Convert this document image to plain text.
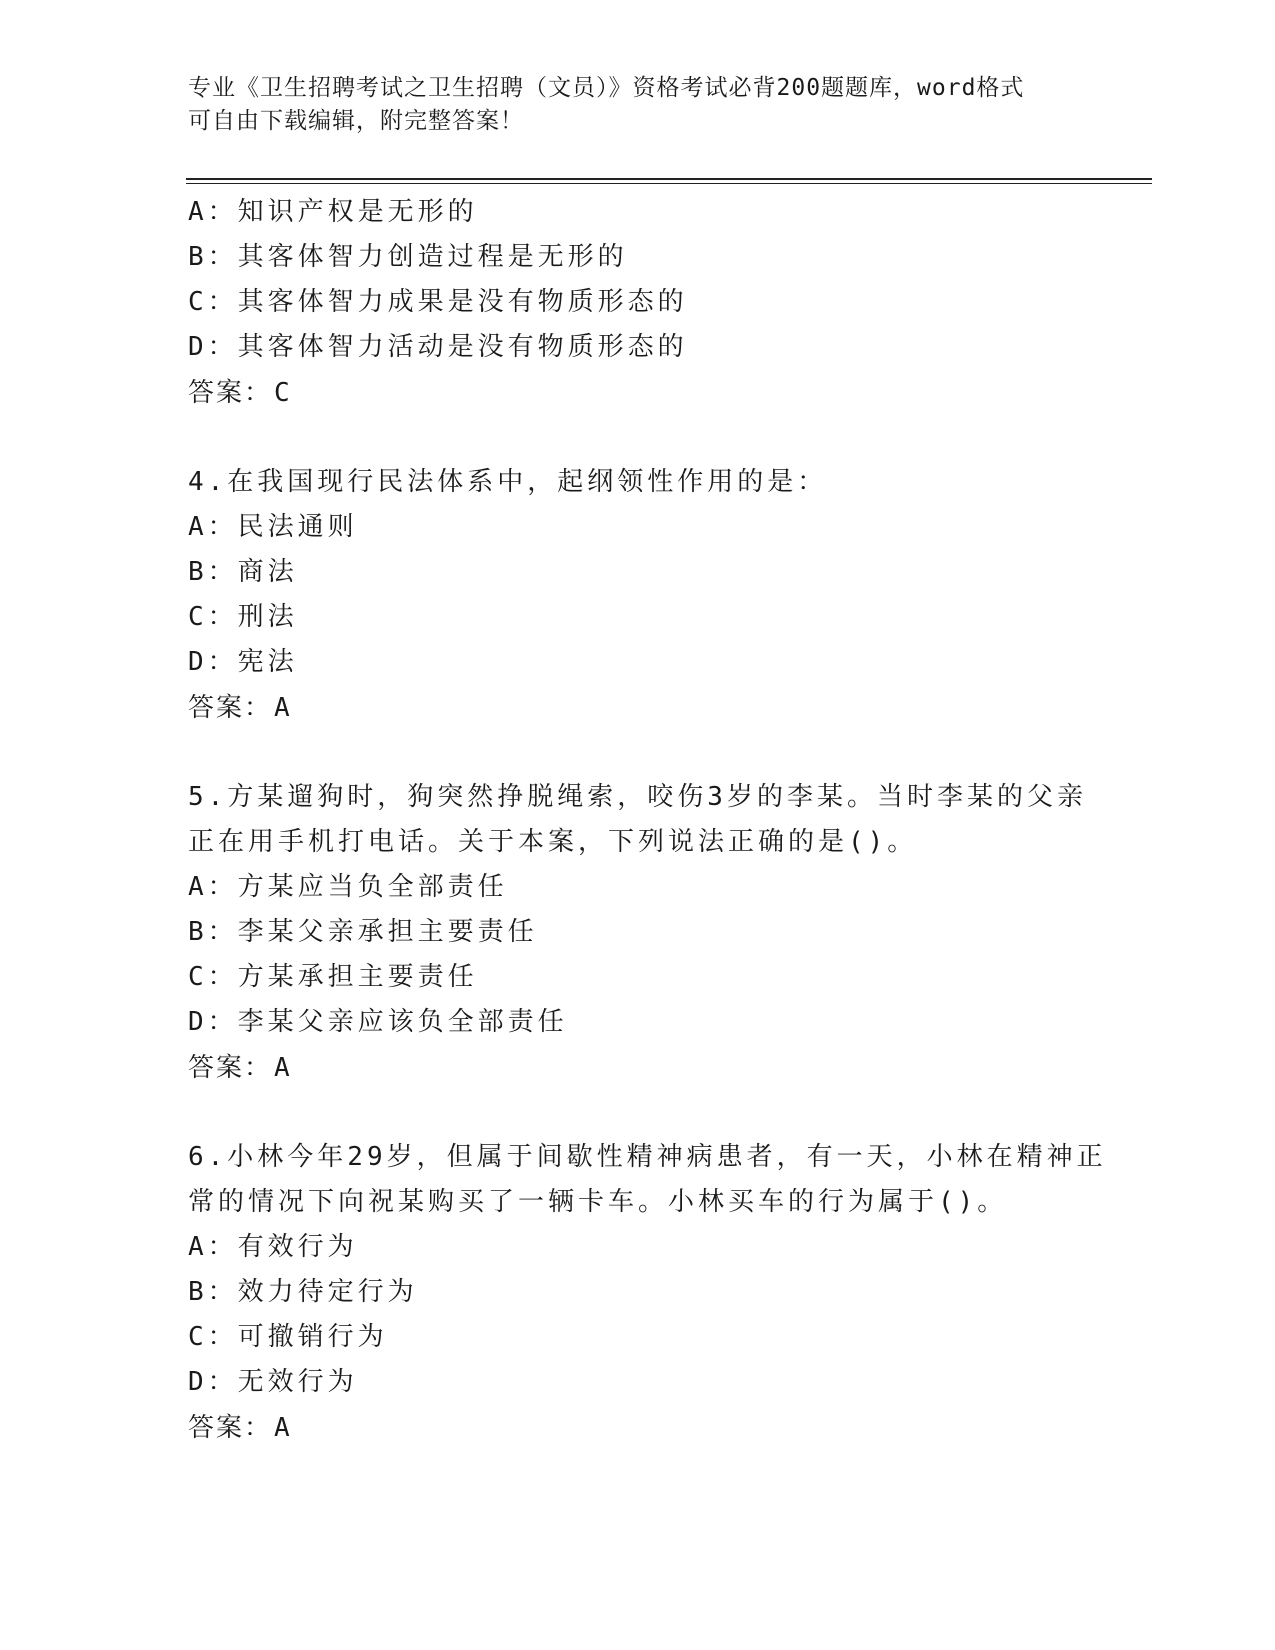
专业《卫生招聘考试之卫生招聘（文员）》资格考试必背200题题库，word格式
可自由下载编辑，附完整答案！
A：知识产权是无形的
B：其客体智力创造过程是无形的
C：其客体智力成果是没有物质形态的
D：其客体智力活动是没有物质形态的
答案：C
4.在我国现行民法体系中，起纲领性作用的是：
A：民法通则
B：商法
C：刑法
D：宪法
答案：A
5.方某遛狗时，狗突然挣脱绳索，咬伤3岁的李某。当时李某的父亲
正在用手机打电话。关于本案，下列说法正确的是()。
A：方某应当负全部责任
B：李某父亲承担主要责任
C：方某承担主要责任
D：李某父亲应该负全部责任
答案：A
6.小林今年29岁，但属于间歇性精神病患者，有一天，小林在精神正
常的情况下向祝某购买了一辆卡车。小林买车的行为属于()。
A：有效行为
B：效力待定行为
C：可撤销行为
D：无效行为
答案：A
